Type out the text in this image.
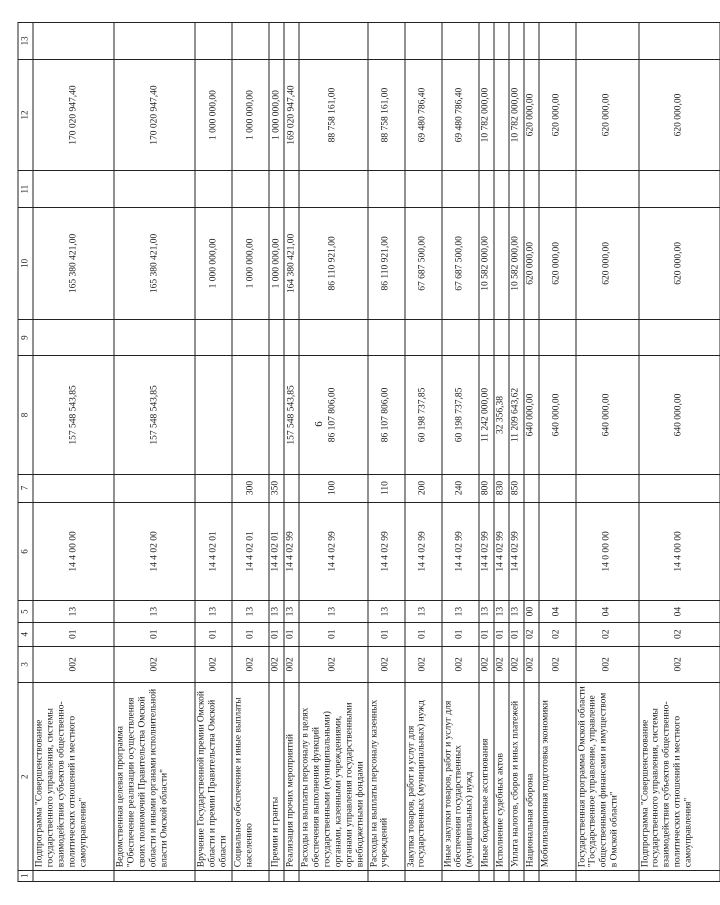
6
1	2	3	4	5	6	7	8	9	10	11	12	13
	Подпрограмма "Совершенствование государственного управления, системы взаимодействия субъектов общественно-политических отношений и местного самоуправления"	002	01	13	14 4 00 00		157 548 543,85		165 380 421,00		170 020 947,40	
	Ведомственная целевая программа "Обеспечение реализации осуществления своих полномочий Правительства Омской области и иными органами исполнительной власти Омской области"	002	01	13	14 4 02 00		157 548 543,85		165 380 421,00		170 020 947,40	
	Вручение Государственной премии Омской области и премии Правительства Омской области	002	01	13	14 4 02 01				1 000 000,00		1 000 000,00	
	Социальное обеспечение и иные выплаты населению	002	01	13	14 4 02 01	300			1 000 000,00		1 000 000,00	
	Премии и гранты	002	01	13	14 4 02 01	350			1 000 000,00		1 000 000,00	
	Реализация прочих мероприятий	002	01	13	14 4 02 99		157 548 543,85		164 380 421,00		169 020 947,40	
	Расходы на выплаты персоналу в целях обеспечения выполнения функций государственными (муниципальными) органами, казенными учреждениями, органами управления государственными внебюджетными фондами	002	01	13	14 4 02 99	100	86 107 806,00		86 110 921,00		88 758 161,00	
	Расходы на выплаты персоналу казенных учреждений	002	01	13	14 4 02 99	110	86 107 806,00		86 110 921,00		88 758 161,00	
	Закупка товаров, работ и услуг для государственных (муниципальных) нужд	002	01	13	14 4 02 99	200	60 198 737,85		67 687 500,00		69 480 786,40	
	Иные закупки товаров, работ и услуг для обеспечения государственных (муниципальных) нужд	002	01	13	14 4 02 99	240	60 198 737,85		67 687 500,00		69 480 786,40	
	Иные бюджетные ассигнования	002	01	13	14 4 02 99	800	11 242 000,00		10 582 000,00		10 782 000,00	
	Исполнение судебных актов	002	01	13	14 4 02 99	830	32 356,38					
	Уплата налогов, сборов и иных платежей	002	01	13	14 4 02 99	850	11 209 643,62		10 582 000,00		10 782 000,00	
	Национальная оборона	002	02	00			640 000,00		620 000,00		620 000,00	
	Мобилизационная подготовка экономики	002	02	04			640 000,00		620 000,00		620 000,00	
	Государственная программа Омской области "Государственное управление, управление общественными финансами и имуществом в Омской области"	002	02	04	14 0 00 00		640 000,00		620 000,00		620 000,00	
	Подпрограмма "Совершенствование государственного управления, системы взаимодействия субъектов общественно-политических отношений и местного самоуправления"	002	02	04	14 4 00 00		640 000,00		620 000,00		620 000,00	
